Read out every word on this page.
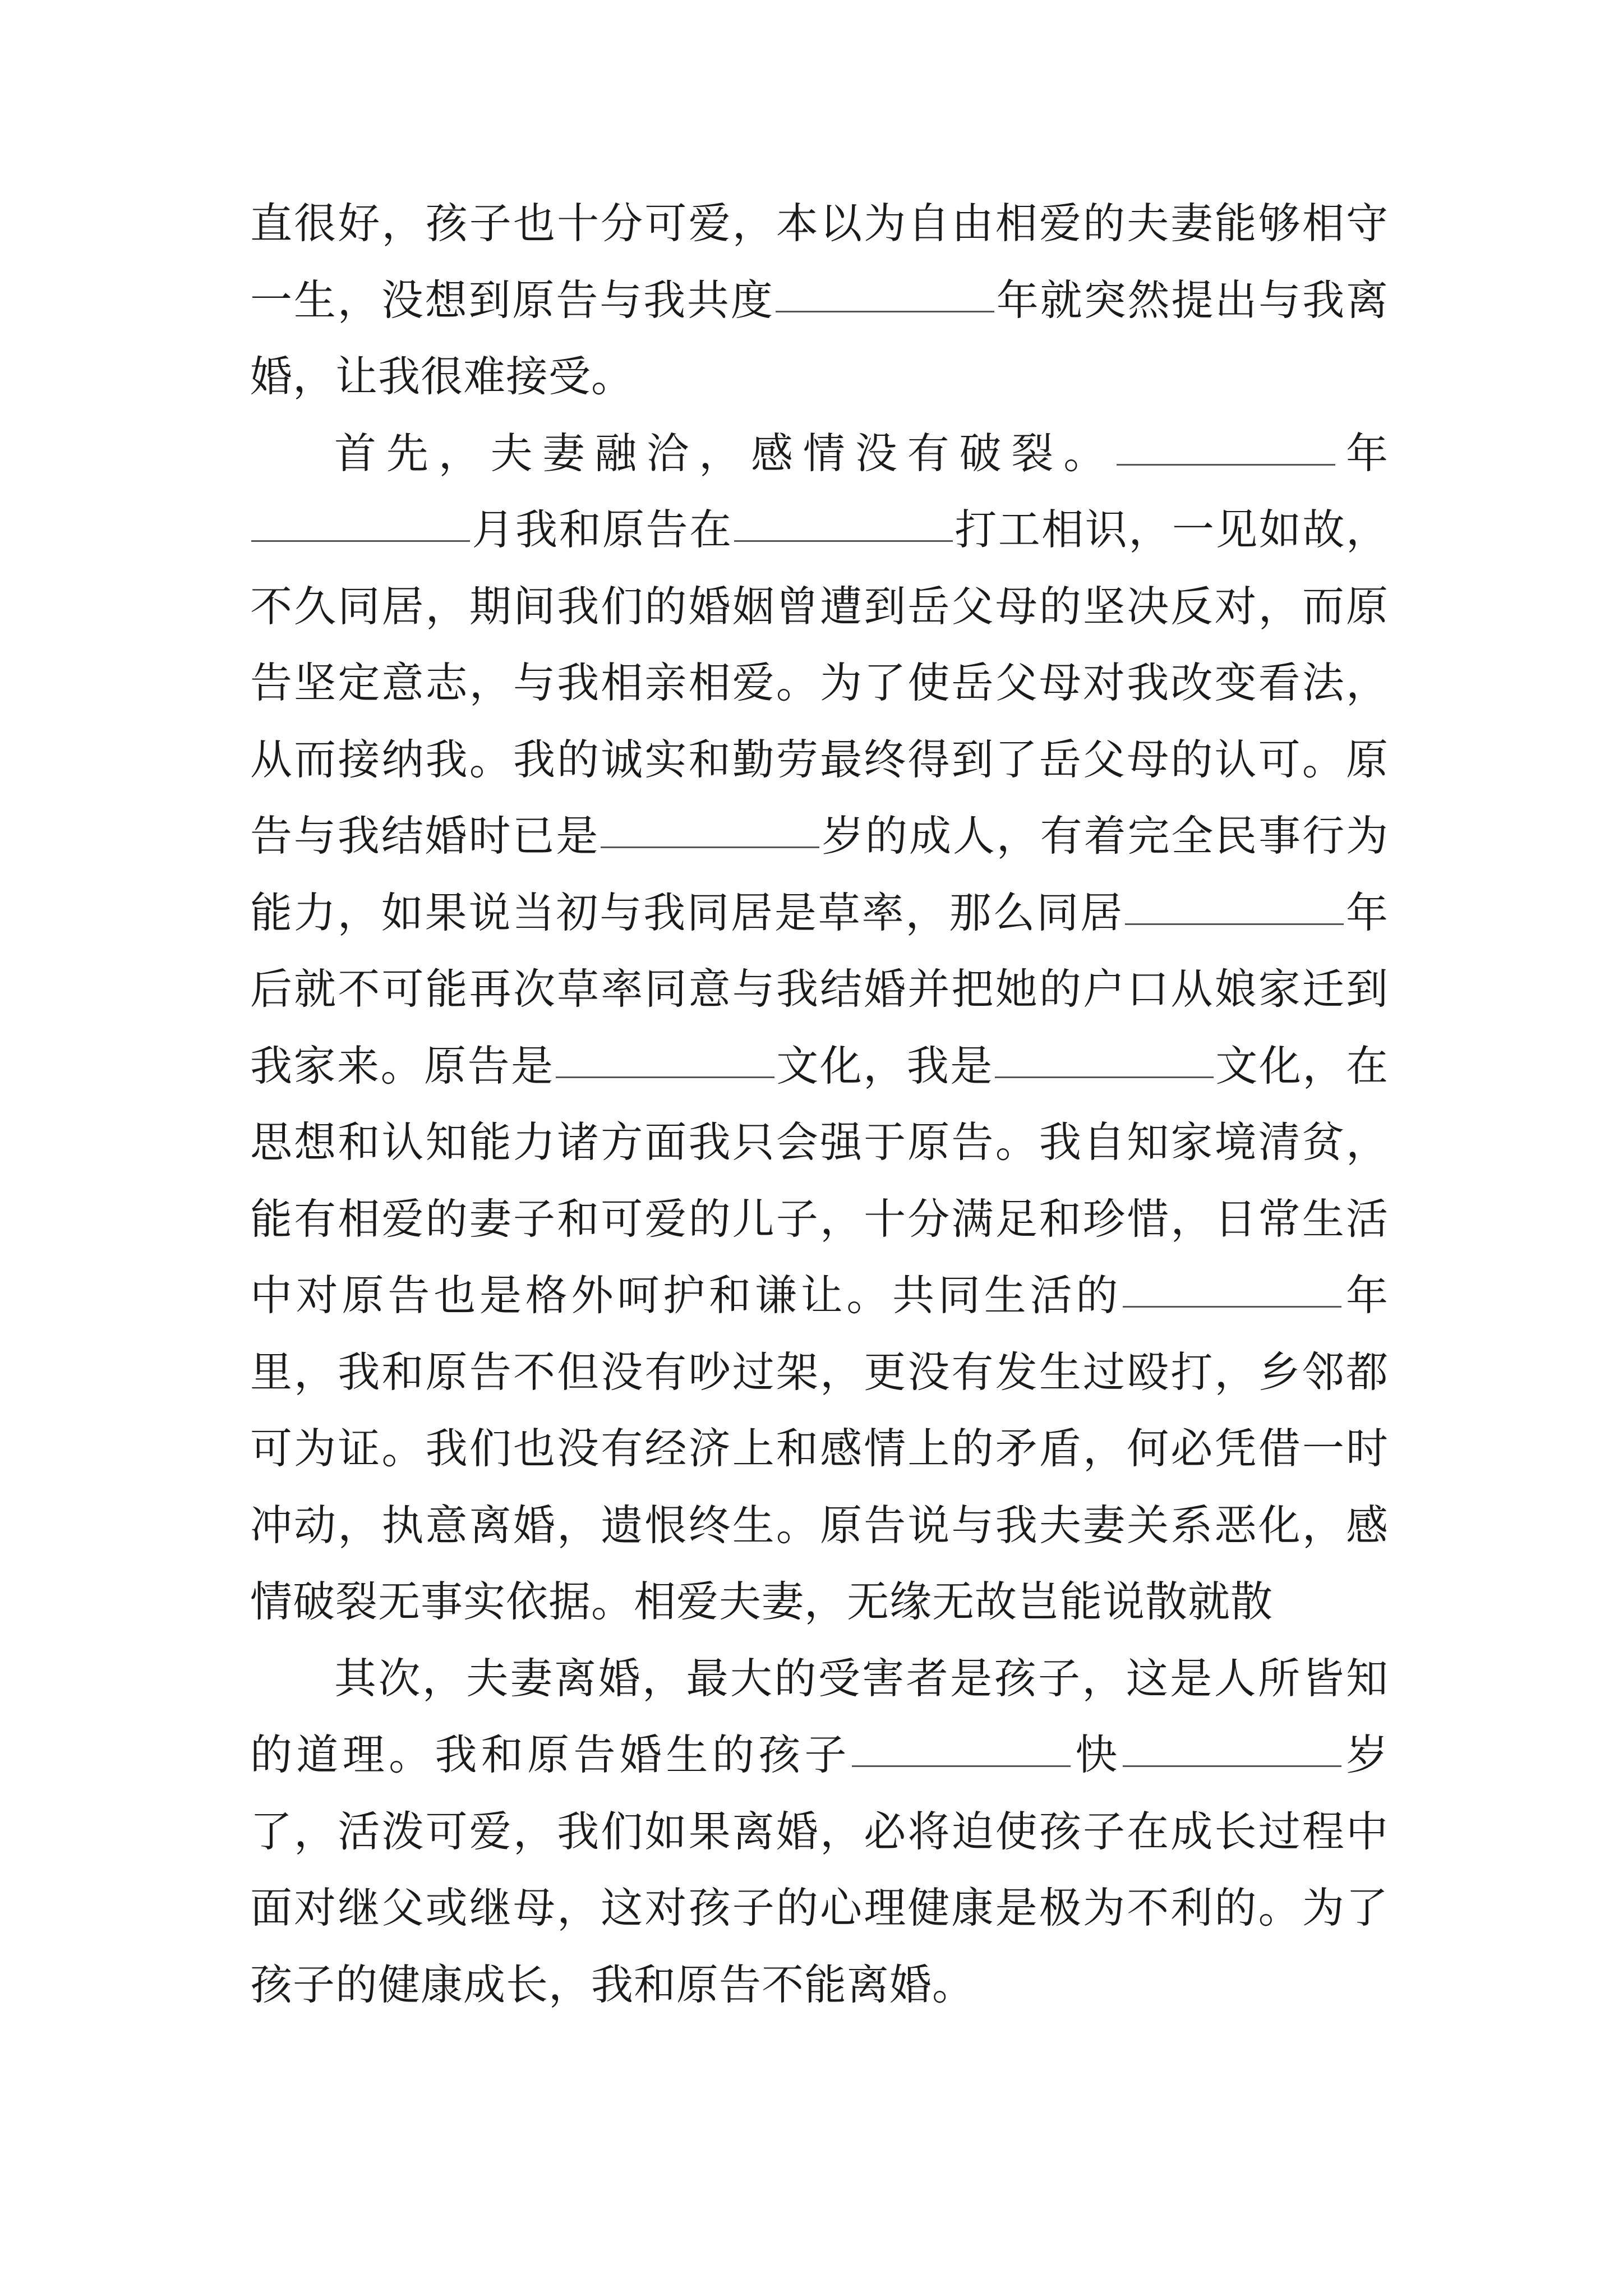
直很好，孩子也十分可爱，本以为自由相爱的夫妻能够相守一生，没想到原告与我共度	年就突然提出与我离婚，让我很难接受。

首先，夫妻融洽，感情没有破裂。	年月我和原告在	打工相识，一见如故，不久同居，期间我们的婚姻曾遭到岳父母的坚决反对，而原告坚定意志，与我相亲相爱。为了使岳父母对我改变看法，从而接纳我。我的诚实和勤劳最终得到了岳父母的认可。原告与我结婚时已是	岁的成人，有着完全民事行为能力，如果说当初与我同居是草率，那么同居	年后就不可能再次草率同意与我结婚并把她的户口从娘家迁到我家来。原告是	文化，我是	文化，在思想和认知能力诸方面我只会强于原告。我自知家境清贫，能有相爱的妻子和可爱的儿子，十分满足和珍惜，日常生活中对原告也是格外呵护和谦让。共同生活的	年里，我和原告不但没有吵过架，更没有发生过殴打，乡邻都可为证。我们也没有经济上和感情上的矛盾，何必凭借一时冲动，执意离婚，遗恨终生。原告说与我夫妻关系恶化，感情破裂无事实依据。相爱夫妻，无缘无故岂能说散就散

其次，夫妻离婚，最大的受害者是孩子，这是人所皆知的道理。我和原告婚生的孩子	快	岁了，活泼可爱，我们如果离婚，必将迫使孩子在成长过程中面对继父或继母，这对孩子的心理健康是极为不利的。为了孩子的健康成长，我和原告不能离婚。
